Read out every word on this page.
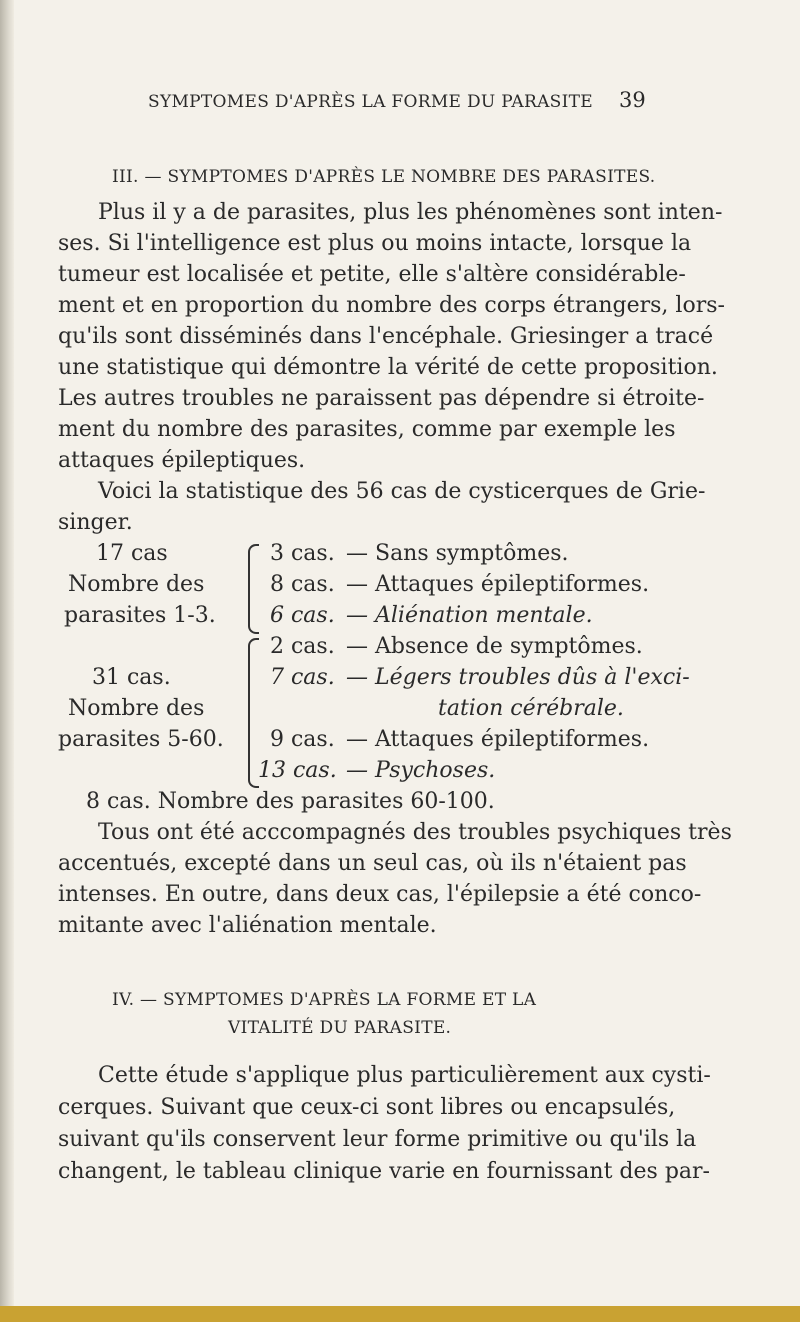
SYMPTOMES D'APRÈS LA FORME DU PARASITE 39
III. — SYMPTOMES D'APRÈS LE NOMBRE DES PARASITES.
Plus il y a de parasites, plus les phénomènes sont inten-
ses. Si l'intelligence est plus ou moins intacte, lorsque la
tumeur est localisée et petite, elle s'altère considérable-
ment et en proportion du nombre des corps étrangers, lors-
qu'ils sont disséminés dans l'encéphale. Griesinger a tracé
une statistique qui démontre la vérité de cette proposition.
Les autres troubles ne paraissent pas dépendre si étroite-
ment du nombre des parasites, comme par exemple les
attaques épileptiques.
Voici la statistique des 56 cas de cysticerques de Grie-
singer.
17 cas
Nombre des
parasites 1-3.
3 cas. — Sans symptômes.
8 cas. — Attaques épileptiformes.
6 cas. — Aliénation mentale.
31 cas.
Nombre des
parasites 5-60.
2 cas. — Absence de symptômes.
7 cas. — Légers troubles dûs à l'exci-
tation cérébrale.
9 cas. — Attaques épileptiformes.
13 cas. — Psychoses.
8 cas. Nombre des parasites 60-100.
Tous ont été acccompagnés des troubles psychiques très
accentués, excepté dans un seul cas, où ils n'étaient pas
intenses. En outre, dans deux cas, l'épilepsie a été conco-
mitante avec l'aliénation mentale.
IV. — SYMPTOMES D'APRÈS LA FORME ET LA
VITALITÉ DU PARASITE.
Cette étude s'applique plus particulièrement aux cysti-
cerques. Suivant que ceux-ci sont libres ou encapsulés,
suivant qu'ils conservent leur forme primitive ou qu'ils la
changent, le tableau clinique varie en fournissant des par-
